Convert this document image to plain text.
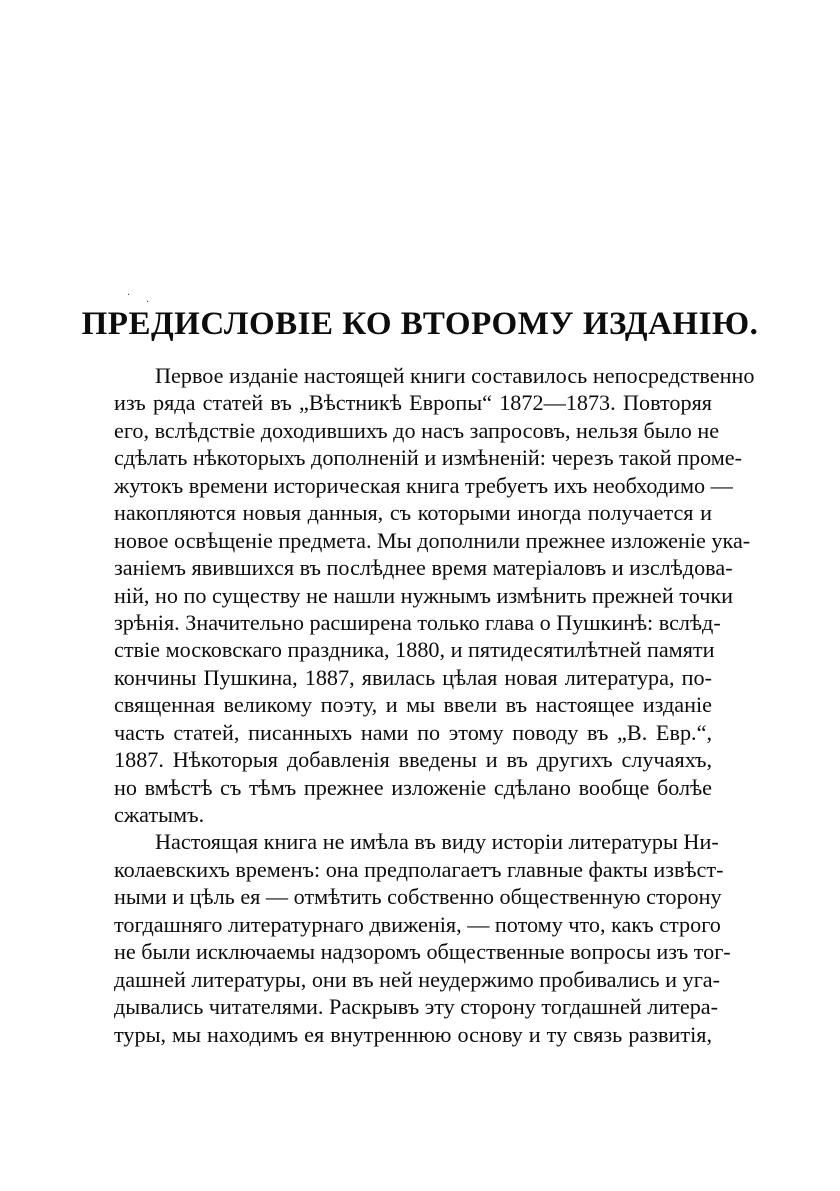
·
·
ПРЕДИСЛОВІЕ КО ВТОРОМУ ИЗДАНІЮ.
Первое изданіе настоящей книги составилось непосредственно
изъ ряда статей въ „Вѣстникѣ Европы“ 1872—1873. Повторяя
его, вслѣдствіе доходившихъ до насъ запросовъ, нельзя было не
сдѣлать нѣкоторыхъ дополненій и измѣненій: черезъ такой проме-
жутокъ времени историческая книга требуетъ ихъ необходимо —
накопляются новыя данныя, съ которыми иногда получается и
новое освѣщеніе предмета. Мы дополнили прежнее изложеніе ука-
заніемъ явившихся въ послѣднее время матеріаловъ и изслѣдова-
ній, но по существу не нашли нужнымъ измѣнить прежней точки
зрѣнія. Значительно расширена только глава о Пушкинѣ: вслѣд-
ствіе московскаго праздника, 1880, и пятидесятилѣтней памяти
кончины Пушкина, 1887, явилась цѣлая новая литература, по-
священная великому поэту, и мы ввели въ настоящее изданіе
часть статей, писанныхъ нами по этому поводу въ „В. Евр.“,
1887. Нѣкоторыя добавленія введены и въ другихъ случаяхъ,
но вмѣстѣ съ тѣмъ прежнее изложеніе сдѣлано вообще болѣе
сжатымъ.
Настоящая книга не имѣла въ виду исторіи литературы Ни-
колаевскихъ временъ: она предполагаетъ главные факты извѣст-
ными и цѣль ея — отмѣтить собственно общественную сторону
тогдашняго литературнаго движенія, — потому что, какъ строго
не были исключаемы надзоромъ общественные вопросы изъ тог-
дашней литературы, они въ ней неудержимо пробивались и уга-
дывались читателями. Раскрывъ эту сторону тогдашней литера-
туры, мы находимъ ея внутреннюю основу и ту связь развитія,
